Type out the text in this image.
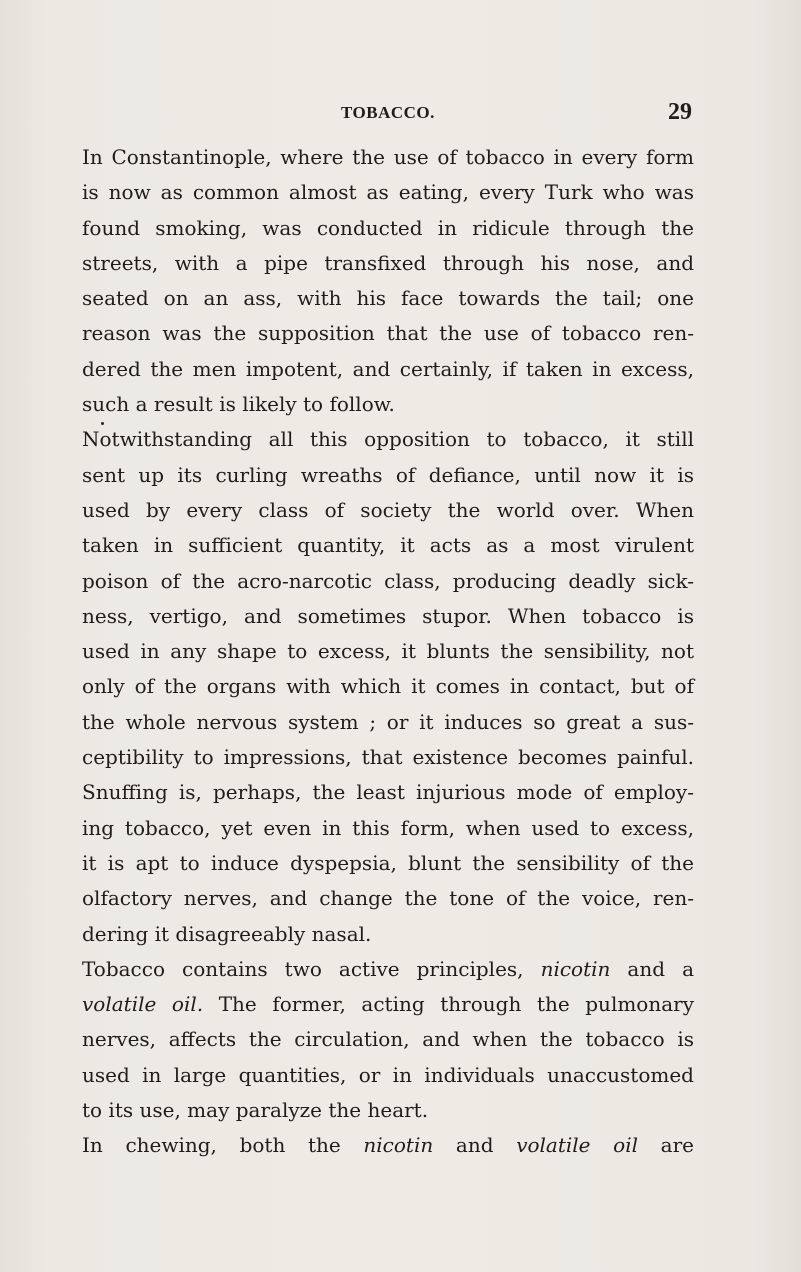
TOBACCO.	29
In Constantinople, where the use of tobacco in every form
is now as common almost as eating, every Turk who was
found smoking, was conducted in ridicule through the
streets, with a pipe transfixed through his nose, and
seated on an ass, with his face towards the tail; one
reason was the supposition that the use of tobacco ren-
dered the men impotent, and certainly, if taken in excess,
such a result is likely to follow.
Notwithstanding all this opposition to tobacco, it still
sent up its curling wreaths of defiance, until now it is
used by every class of society the world over. When
taken in sufficient quantity, it acts as a most virulent
poison of the acro-narcotic class, producing deadly sick-
ness, vertigo, and sometimes stupor. When tobacco is
used in any shape to excess, it blunts the sensibility, not
only of the organs with which it comes in contact, but of
the whole nervous system ; or it induces so great a sus-
ceptibility to impressions, that existence becomes painful.
Snuffing is, perhaps, the least injurious mode of employ-
ing tobacco, yet even in this form, when used to excess,
it is apt to induce dyspepsia, blunt the sensibility of the
olfactory nerves, and change the tone of the voice, ren-
dering it disagreeably nasal.
Tobacco contains two active principles, nicotin and a
volatile oil. The former, acting through the pulmonary
nerves, affects the circulation, and when the tobacco is
used in large quantities, or in individuals unaccustomed
to its use, may paralyze the heart.
In chewing, both the nicotin and volatile oil are
